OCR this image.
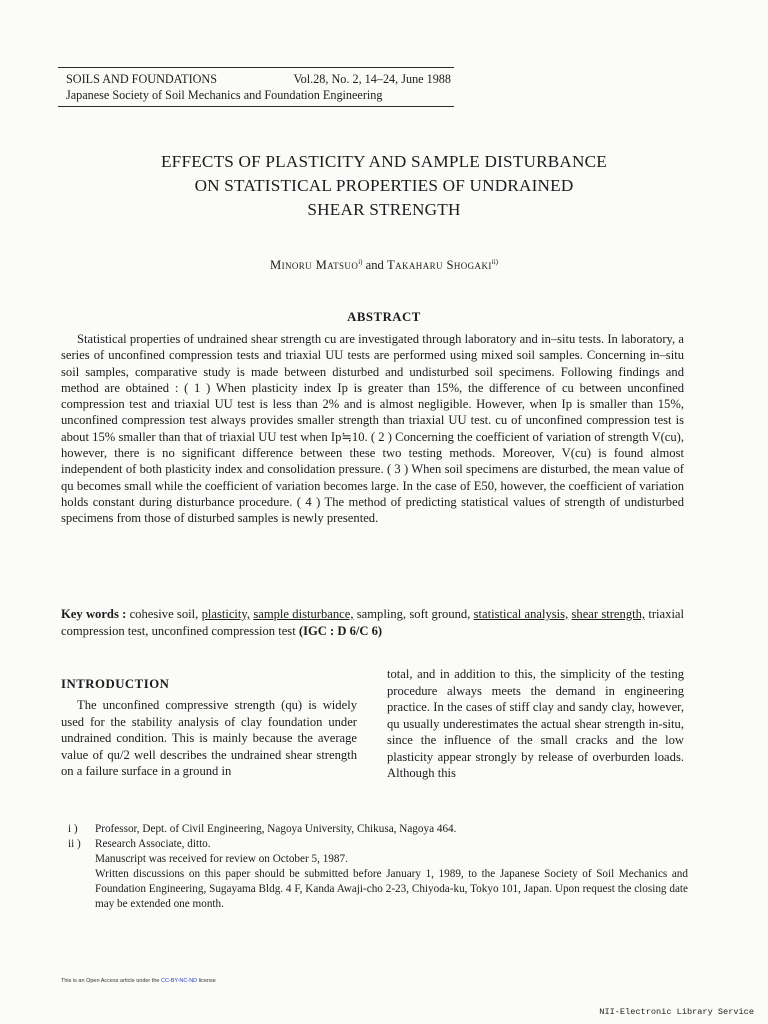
SOILS AND FOUNDATIONS	Vol.28, No. 2, 14–24, June 1988
Japanese Society of Soil Mechanics and Foundation Engineering
EFFECTS OF PLASTICITY AND SAMPLE DISTURBANCE
ON STATISTICAL PROPERTIES OF UNDRAINED
SHEAR STRENGTH
Minoru Matsuo$^{i)}$ and Takaharu Shogaki$^{ii)}$
ABSTRACT

Statistical properties of undrained shear strength cu are investigated through laboratory and in–situ tests. In laboratory, a series of unconfined compression tests and triaxial UU tests are performed using mixed soil samples. Concerning in–situ soil samples, comparative study is made between disturbed and undisturbed soil specimens. Following findings and method are obtained : ( 1 ) When plasticity index Ip is greater than 15%, the difference of cu between unconfined compression test and triaxial UU test is less than 2% and is almost negligible. However, when Ip is smaller than 15%, unconfined compression test always provides smaller strength than triaxial UU test. cu of unconfined compression test is about 15% smaller than that of triaxial UU test when Ip≒10. ( 2 ) Concerning the coefficient of variation of strength V(cu), however, there is no significant difference between these two testing methods. Moreover, V(cu) is found almost independent of both plasticity index and consolidation pressure. ( 3 ) When soil specimens are disturbed, the mean value of qu becomes small while the coefficient of variation becomes large. In the case of E50, however, the coefficient of variation holds constant during disturbance procedure. ( 4 ) The method of predicting statistical values of strength of undisturbed specimens from those of disturbed samples is newly presented.

Key words : cohesive soil, plasticity, sample disturbance, sampling, soft ground, statistical analysis, shear strength, triaxial compression test, unconfined compression test (IGC : D 6/C 6)

INTRODUCTION

The unconfined compressive strength (qu) is widely used for the stability analysis of clay foundation under undrained condition. This is mainly because the average value of qu/2 well describes the undrained shear strength on a failure surface in a ground in

total, and in addition to this, the simplicity of the testing procedure always meets the demand in engineering practice. In the cases of stiff clay and sandy clay, however, qu usually underestimates the actual shear strength in-situ, since the influence of the small cracks and the low plasticity appear strongly by release of overburden loads. Although this

i )	Professor, Dept. of Civil Engineering, Nagoya University, Chikusa, Nagoya 464.
ii )	Research Associate, ditto.
Manuscript was received for review on October 5, 1987.
Written discussions on this paper should be submitted before January 1, 1989, to the Japanese Society of Soil Mechanics and Foundation Engineering, Sugayama Bldg. 4 F, Kanda Awaji-cho 2-23, Chiyoda-ku, Tokyo 101, Japan. Upon request the closing date may be extended one month.
This is an Open Access article under the CC-BY-NC-ND license
NII-Electronic Library Service
